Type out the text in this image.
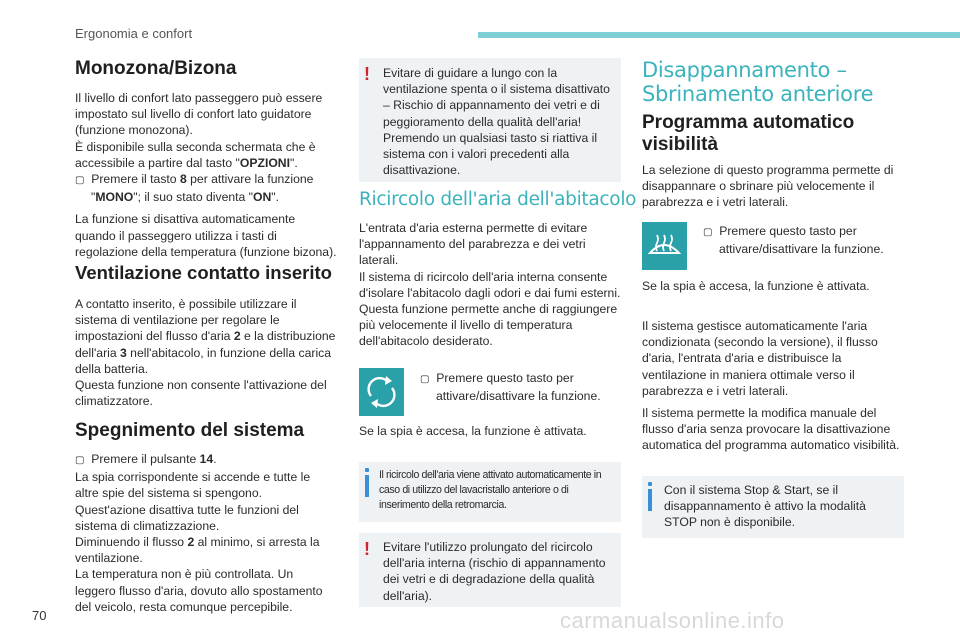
Ergonomia e confort
Monozona/Bizona

Il livello di confort lato passeggero può essere impostato sul livello di confort lato guidatore (funzione monozona).

È disponibile sulla seconda schermata che è accessibile a partire dal tasto "OPZIONI".

▢ Premere il tasto 8 per attivare la funzione "MONO"; il suo stato diventa "ON".

La funzione si disattiva automaticamente quando il passeggero utilizza i tasti di regolazione della temperatura (funzione bizona).

Ventilazione contatto inserito

A contatto inserito, è possibile utilizzare il sistema di ventilazione per regolare le impostazioni del flusso d'aria 2 e la distribuzione dell'aria 3 nell'abitacolo, in funzione della carica della batteria.

Questa funzione non consente l'attivazione del climatizzatore.

Spegnimento del sistema

▢ Premere il pulsante 14.

La spia corrispondente si accende e tutte le altre spie del sistema si spengono.

Quest'azione disattiva tutte le funzioni del sistema di climatizzazione.

Diminuendo il flusso 2 al minimo, si arresta la ventilazione.

La temperatura non è più controllata. Un leggero flusso d'aria, dovuto allo spostamento del veicolo, resta comunque percepibile.

! Evitare di guidare a lungo con la ventilazione spenta o il sistema disattivato – Rischio di appannamento dei vetri e di peggioramento della qualità dell'aria!

Premendo un qualsiasi tasto si riattiva il sistema con i valori precedenti alla disattivazione.

Ricircolo dell'aria dell'abitacolo

L'entrata d'aria esterna permette di evitare l'appannamento del parabrezza e dei vetri laterali.

Il sistema di ricircolo dell'aria interna consente d'isolare l'abitacolo dagli odori e dai fumi esterni. Questa funzione permette anche di raggiungere più velocemente il livello di temperatura dell'abitacolo desiderato.

▢ Premere questo tasto per attivare/disattivare la funzione.

Se la spia è accesa, la funzione è attivata.

Il ricircolo dell'aria viene attivato automaticamente in caso di utilizzo del lavacristallo anteriore o di inserimento della retromarcia.

! Evitare l'utilizzo prolungato del ricircolo dell'aria interna (rischio di appannamento dei vetri e di degradazione della qualità dell'aria).

Disappannamento – Sbrinamento anteriore
Programma automatico visibilità

La selezione di questo programma permette di disappannare o sbrinare più velocemente il parabrezza e i vetri laterali.

▢ Premere questo tasto per attivare/disattivare la funzione.

Se la spia è accesa, la funzione è attivata.

Il sistema gestisce automaticamente l'aria condizionata (secondo la versione), il flusso d'aria, l'entrata d'aria e distribuisce la ventilazione in maniera ottimale verso il parabrezza e i vetri laterali.

Il sistema permette la modifica manuale del flusso d'aria senza provocare la disattivazione automatica del programma automatico visibilità.

Con il sistema Stop & Start, se il disappannamento è attivo la modalità STOP non è disponibile.

70	carmanualsonline.info
